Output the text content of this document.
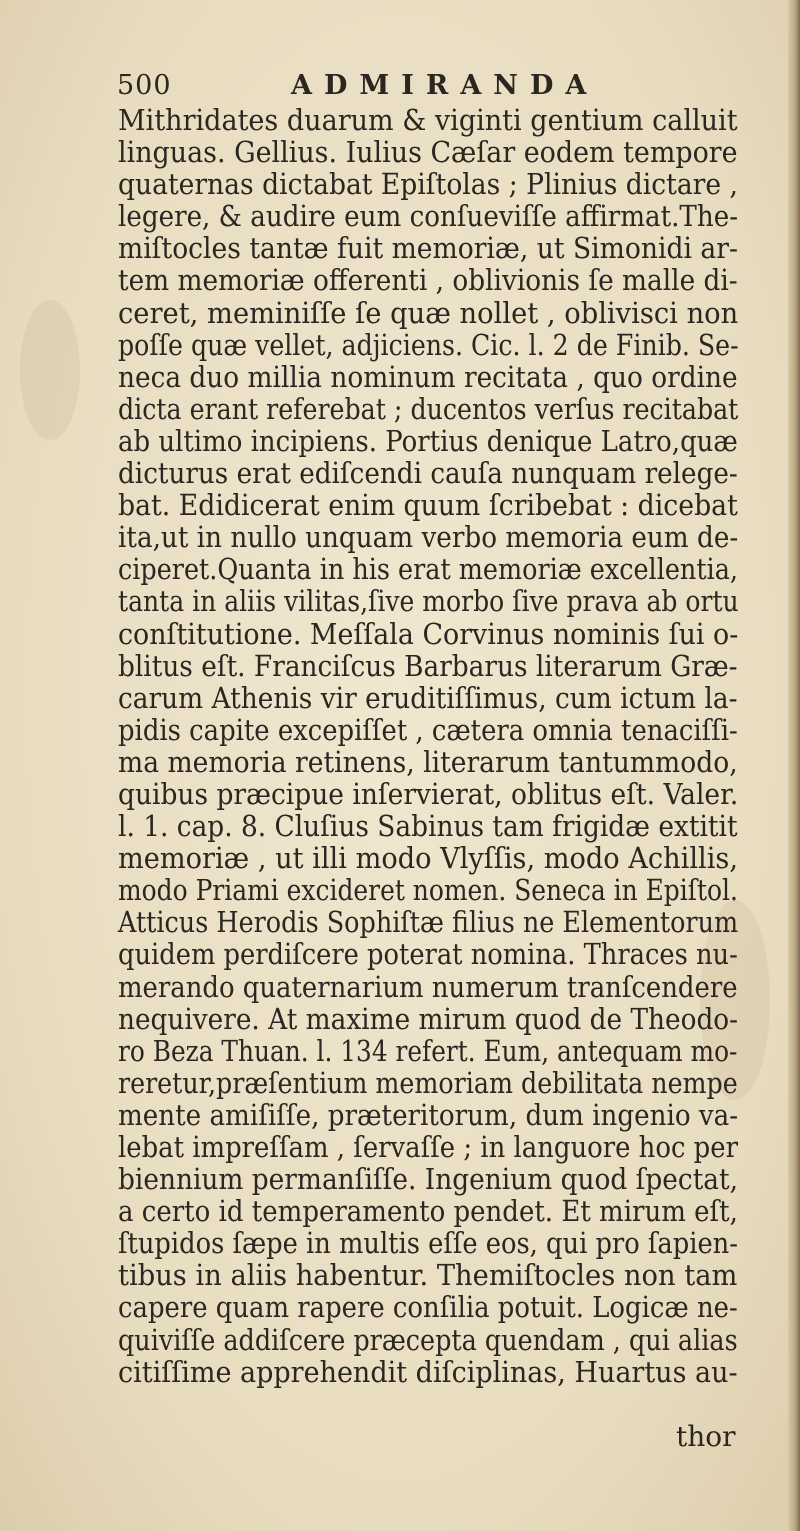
500	ADMIRANDA
Mithridates duarum & viginti gentium calluit
linguas. Gellius. Iulius Cæſar eodem tempore
quaternas dictabat Epiſtolas ; Plinius dictare ,
legere, & audire eum conſueviſſe affirmat.The-
miſtocles tantæ fuit memoriæ, ut Simonidi ar-
tem memoriæ offerenti , oblivionis ſe malle di-
ceret, meminiſſe ſe quæ nollet , oblivisci non
poſſe quæ vellet, adjiciens. Cic. l. 2 de Finib. Se-
neca duo millia nominum recitata , quo ordine
dicta erant referebat ; ducentos verſus recitabat
ab ultimo incipiens. Portius denique Latro,quæ
dicturus erat ediſcendi cauſa nunquam relege-
bat. Edidicerat enim quum ſcribebat : dicebat
ita,ut in nullo unquam verbo memoria eum de-
ciperet.Quanta in his erat memoriæ excellentia,
tanta in aliis vilitas,ſive morbo ſive prava ab ortu
conſtitutione. Meſſala Corvinus nominis ſui o-
blitus eſt. Franciſcus Barbarus literarum Græ-
carum Athenis vir eruditiſſimus, cum ictum la-
pidis capite excepiſſet , cætera omnia tenaciſſi-
ma memoria retinens, literarum tantummodo,
quibus præcipue inſervierat, oblitus eſt. Valer.
l. 1. cap. 8. Cluſius Sabinus tam frigidæ extitit
memoriæ , ut illi modo Vlyſſis, modo Achillis,
modo Priami excideret nomen. Seneca in Epiſtol.
Atticus Herodis Sophiſtæ filius ne Elementorum
quidem perdiſcere poterat nomina. Thraces nu-
merando quaternarium numerum tranſcendere
nequivere. At maxime mirum quod de Theodo-
ro Beza Thuan. l. 134 refert. Eum, antequam mo-
reretur,præſentium memoriam debilitata nempe
mente amiſiſſe, præteritorum, dum ingenio va-
lebat impreſſam , ſervaſſe ; in languore hoc per
biennium permanſiſſe. Ingenium quod ſpectat,
a certo id temperamento pendet. Et mirum eſt,
ſtupidos ſæpe in multis eſſe eos, qui pro ſapien-
tibus in aliis habentur. Themiſtocles non tam
capere quam rapere conſilia potuit. Logicæ ne-
quiviſſe addiſcere præcepta quendam , qui alias
citiſſime apprehendit diſciplinas, Huartus au-
thor
